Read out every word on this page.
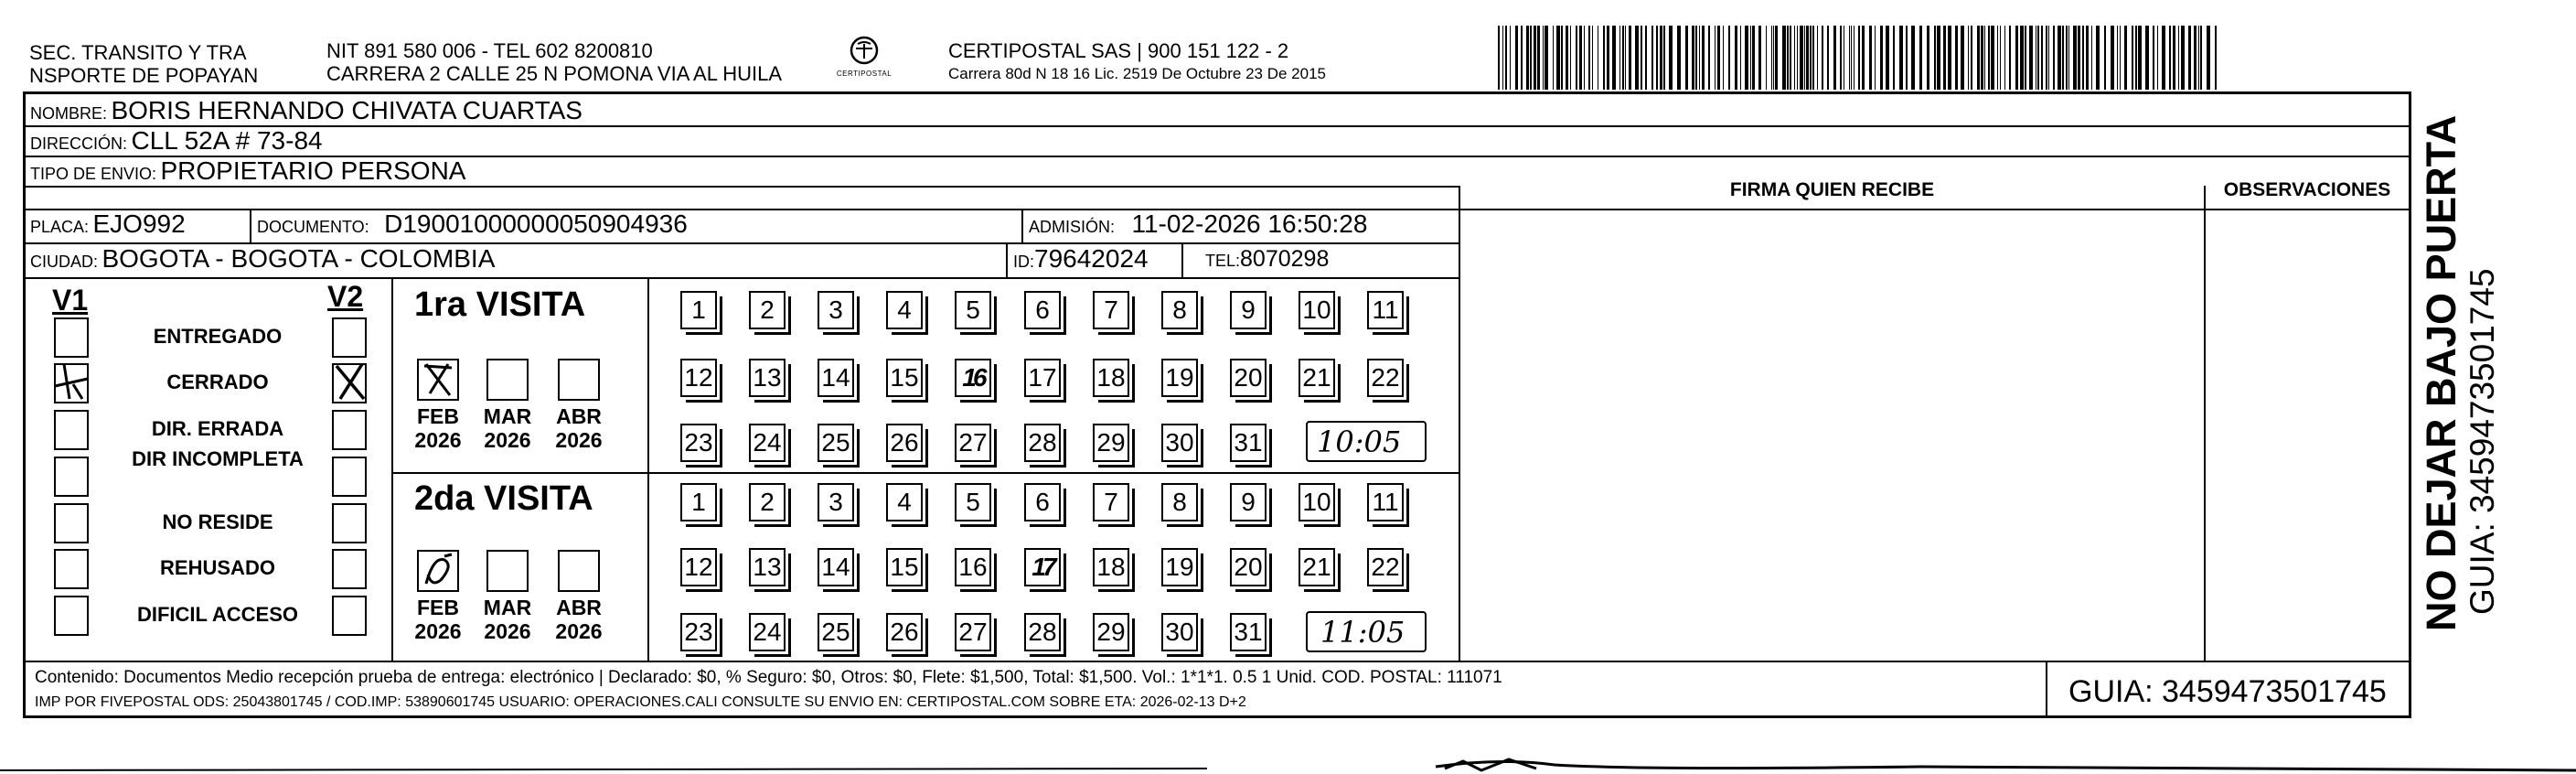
SEC. TRANSITO Y TRA
NSPORTE DE POPAYAN
NIT 891 580 006 - TEL 602 8200810
CARRERA 2 CALLE 25 N POMONA VIA AL HUILA	CERTIPOSTAL
CERTIPOSTAL SAS | 900 151 122 - 2
Carrera 80d N 18 16 Lic. 2519 De Octubre 23 De 2015
NOMBRE: BORIS HERNANDO CHIVATA CUARTAS
DIRECCIÓN: CLL 52A # 73-84
TIPO DE ENVIO: PROPIETARIO PERSONA
FIRMA QUIEN RECIBE	OBSERVACIONES
PLACA: EJO992	DOCUMENTO: D19001000000050904936	ADMISIÓN: 11-02-2026 16:50:28
CIUDAD: BOGOTA - BOGOTA - COLOMBIA	ID:79642024	TEL:8070298
V1	V2
ENTREGADO
CERRADO
DIR. ERRADA
DIR INCOMPLETA
NO RESIDE
REHUSADO
DIFICIL ACCESO
1ra VISITA
2da VISITA
FEB
2026
MAR
2026
ABR
2026
FEB
2026
MAR
2026
ABR
2026
1	2	3	4	5	6	7	8	9	10 11
12 13 14 15	16	17 18 19 20 21 22
23 24 25 26 27 28 29 30 31
1	2	3	4	5	6	7	8	9	10 11
12 13 14 15 16	17	18 19 20 21 22
23 24 25 26 27 28 29 30 31
10:05
11:05
Contenido: Documentos Medio recepción prueba de entrega: electrónico | Declarado: $0, % Seguro: $0, Otros: $0, Flete: $1,500, Total: $1,500. Vol.: 1*1*1. 0.5 1 Unid. COD. POSTAL: 111071
IMP POR FIVEPOSTAL ODS: 25043801745 / COD.IMP: 53890601745 USUARIO: OPERACIONES.CALI CONSULTE SU ENVIO EN: CERTIPOSTAL.COM SOBRE ETA: 2026-02-13 D+2	GUIA: 3459473501745
NO DEJAR BAJO PUERTA GUIA: 3459473501745
